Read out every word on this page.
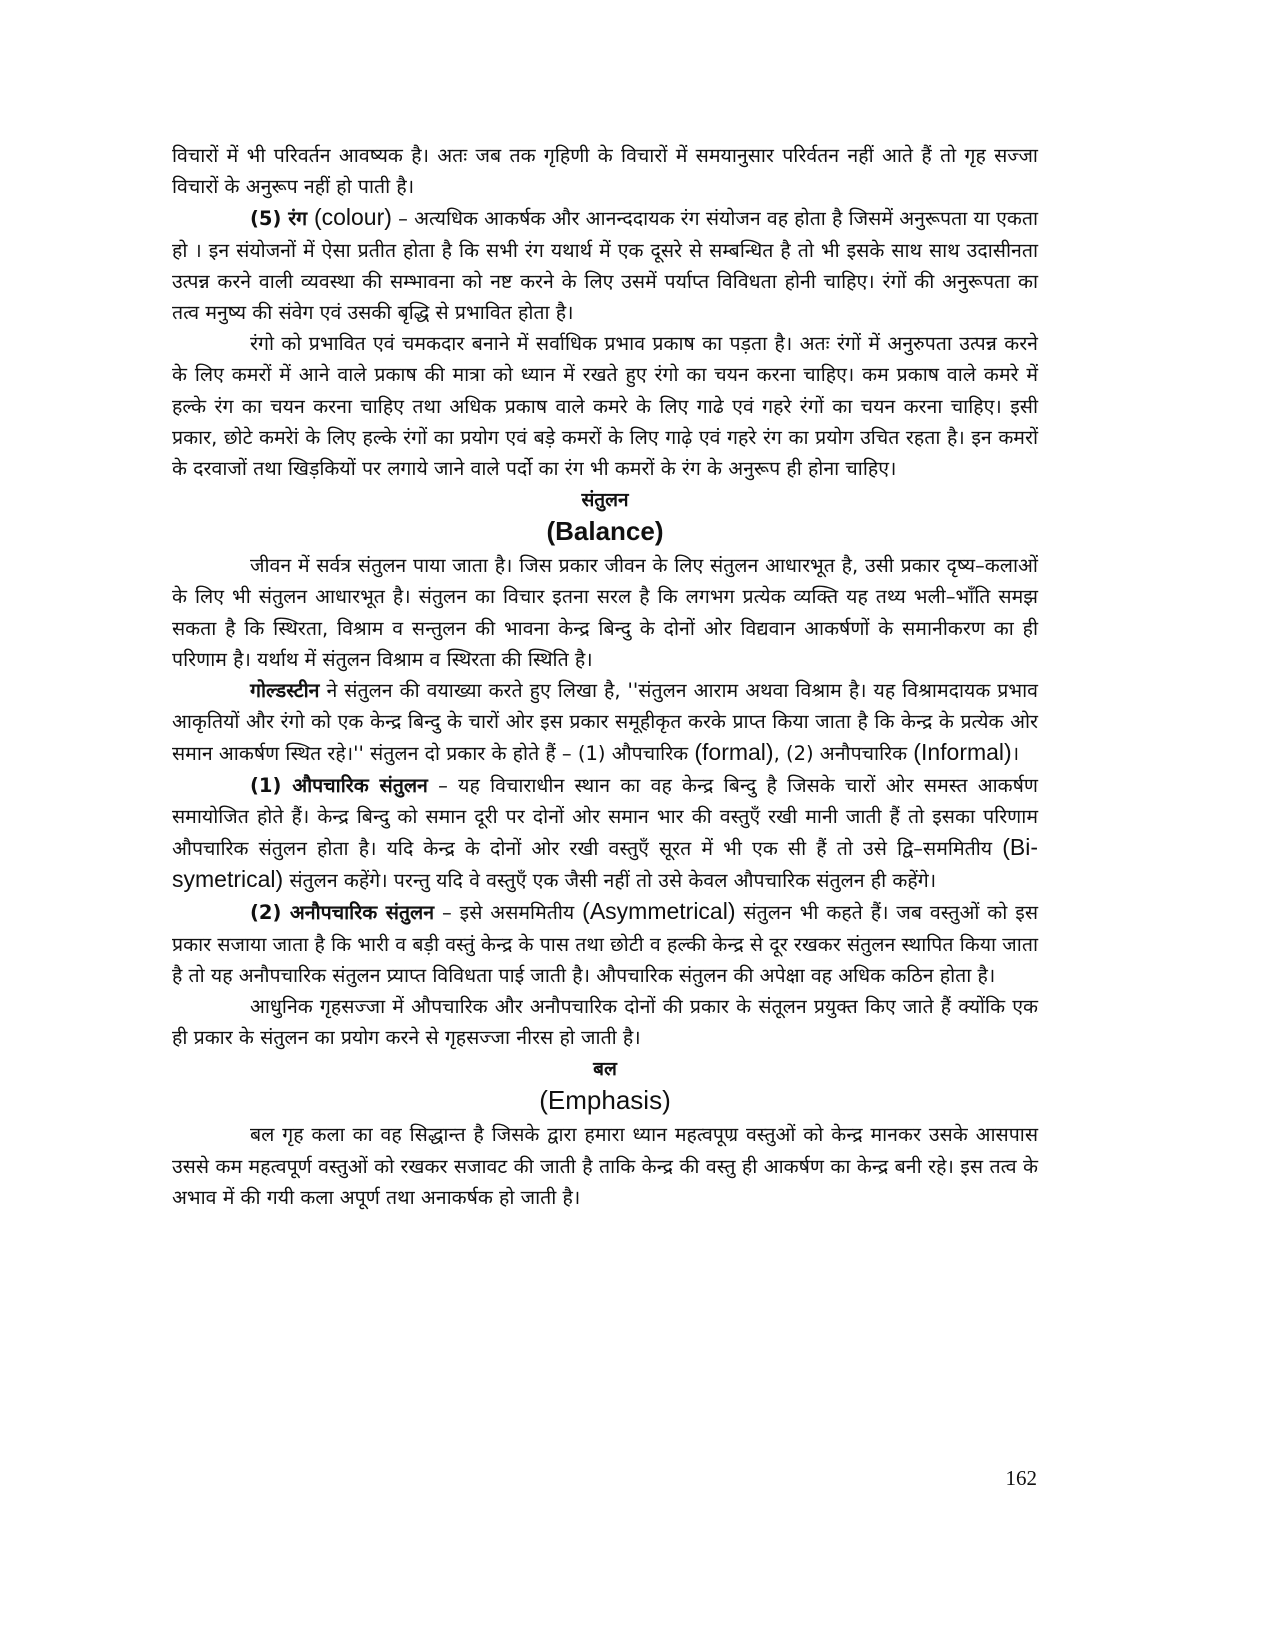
विचारों में भी परिवर्तन आवष्यक है। अतः जब तक गृहिणी के विचारों में समयानुसार परिर्वतन नहीं आते हैं तो गृह सज्जा विचारों के अनुरूप नहीं हो पाती है।

(5) रंग (colour) – अत्यधिक आकर्षक और आनन्ददायक रंग संयोजन वह होता है जिसमें अनुरूपता या एकता हो । इन संयोजनों में ऐसा प्रतीत होता है कि सभी रंग यथार्थ में एक दूसरे से सम्बन्धित है तो भी इसके साथ साथ उदासीनता उत्पन्न करने वाली व्यवस्था की सम्भावना को नष्ट करने के लिए उसमें पर्याप्त विविधता होनी चाहिए। रंगों की अनुरूपता का तत्व मनुष्य की संवेग एवं उसकी बृद्धि से प्रभावित होता है।

रंगो को प्रभावित एवं चमकदार बनाने में सर्वाधिक प्रभाव प्रकाष का पड़ता है। अतः रंगों में अनुरुपता उत्पन्न करने के लिए कमरों में आने वाले प्रकाष की मात्रा को ध्यान में रखते हुए रंगो का चयन करना चाहिए। कम प्रकाष वाले कमरे में हल्के रंग का चयन करना चाहिए तथा अधिक प्रकाष वाले कमरे के लिए गाढे एवं गहरे रंगों का चयन करना चाहिए। इसी प्रकार, छोटे कमरेां के लिए हल्के रंगों का प्रयोग एवं बड़े कमरों के लिए गाढ़े एवं गहरे रंग का प्रयोग उचित रहता है। इन कमरों के दरवाजों तथा खिड़कियों पर लगाये जाने वाले पर्दो का रंग भी कमरों के रंग के अनुरूप ही होना चाहिए।

संतुलन
(Balance)

जीवन में सर्वत्र संतुलन पाया जाता है। जिस प्रकार जीवन के लिए संतुलन आधारभूत है, उसी प्रकार दृष्य–कलाओं के लिए भी संतुलन आधारभूत है। संतुलन का विचार इतना सरल है कि लगभग प्रत्येक व्यक्ति यह तथ्य भली–भाँति समझ सकता है कि स्थिरता, विश्राम व सन्तुलन की भावना केन्द्र बिन्दु के दोनों ओर विद्यवान आकर्षणों के समानीकरण का ही परिणाम है। यर्थाथ में संतुलन विश्राम व स्थिरता की स्थिति है।

गोल्डस्टीन ने संतुलन की वयाख्या करते हुए लिखा है, ''संतुलन आराम अथवा विश्राम है। यह विश्रामदायक प्रभाव आकृतियों और रंगो को एक केन्द्र बिन्दु के चारों ओर इस प्रकार समूहीकृत करके प्राप्त किया जाता है कि केन्द्र के प्रत्येक ओर समान आकर्षण स्थित रहे।'' संतुलन दो प्रकार के होते हैं – (1) औपचारिक (formal), (2) अनौपचारिक (Informal)।

(1) औपचारिक संतुलन – यह विचाराधीन स्थान का वह केन्द्र बिन्दु है जिसके चारों ओर समस्त आकर्षण समायोजित होते हैं। केन्द्र बिन्दु को समान दूरी पर दोनों ओर समान भार की वस्तुएँ रखी मानी जाती हैं तो इसका परिणाम औपचारिक संतुलन होता है। यदि केन्द्र के दोनों ओर रखी वस्तुएँ सूरत में भी एक सी हैं तो उसे द्वि–सममितीय (Bi-symetrical) संतुलन कहेंगे। परन्तु यदि वे वस्तुएँ एक जैसी नहीं तो उसे केवल औपचारिक संतुलन ही कहेंगे।

(2) अनौपचारिक संतुलन – इसे असममितीय (Asymmetrical) संतुलन भी कहते हैं। जब वस्तुओं को इस प्रकार सजाया जाता है कि भारी व बड़ी वस्तुं केन्द्र के पास तथा छोटी व हल्की केन्द्र से दूर रखकर संतुलन स्थापित किया जाता है तो यह अनौपचारिक संतुलन प्र्याप्त विविधता पाई जाती है। औपचारिक संतुलन की अपेक्षा वह अधिक कठिन होता है।

आधुनिक गृहसज्जा में औपचारिक और अनौपचारिक दोनों की प्रकार के संतूलन प्रयुक्त किए जाते हैं क्योंकि एक ही प्रकार के संतुलन का प्रयोग करने से गृहसज्जा नीरस हो जाती है।

बल
(Emphasis)

बल गृह कला का वह सिद्धान्त है जिसके द्वारा हमारा ध्यान महत्वपूण्र वस्तुओं को केन्द्र मानकर उसके आसपास उससे कम महत्वपूर्ण वस्तुओं को रखकर सजावट की जाती है ताकि केन्द्र की वस्तु ही आकर्षण का केन्द्र बनी रहे। इस तत्व के अभाव में की गयी कला अपूर्ण तथा अनाकर्षक हो जाती है।

162
